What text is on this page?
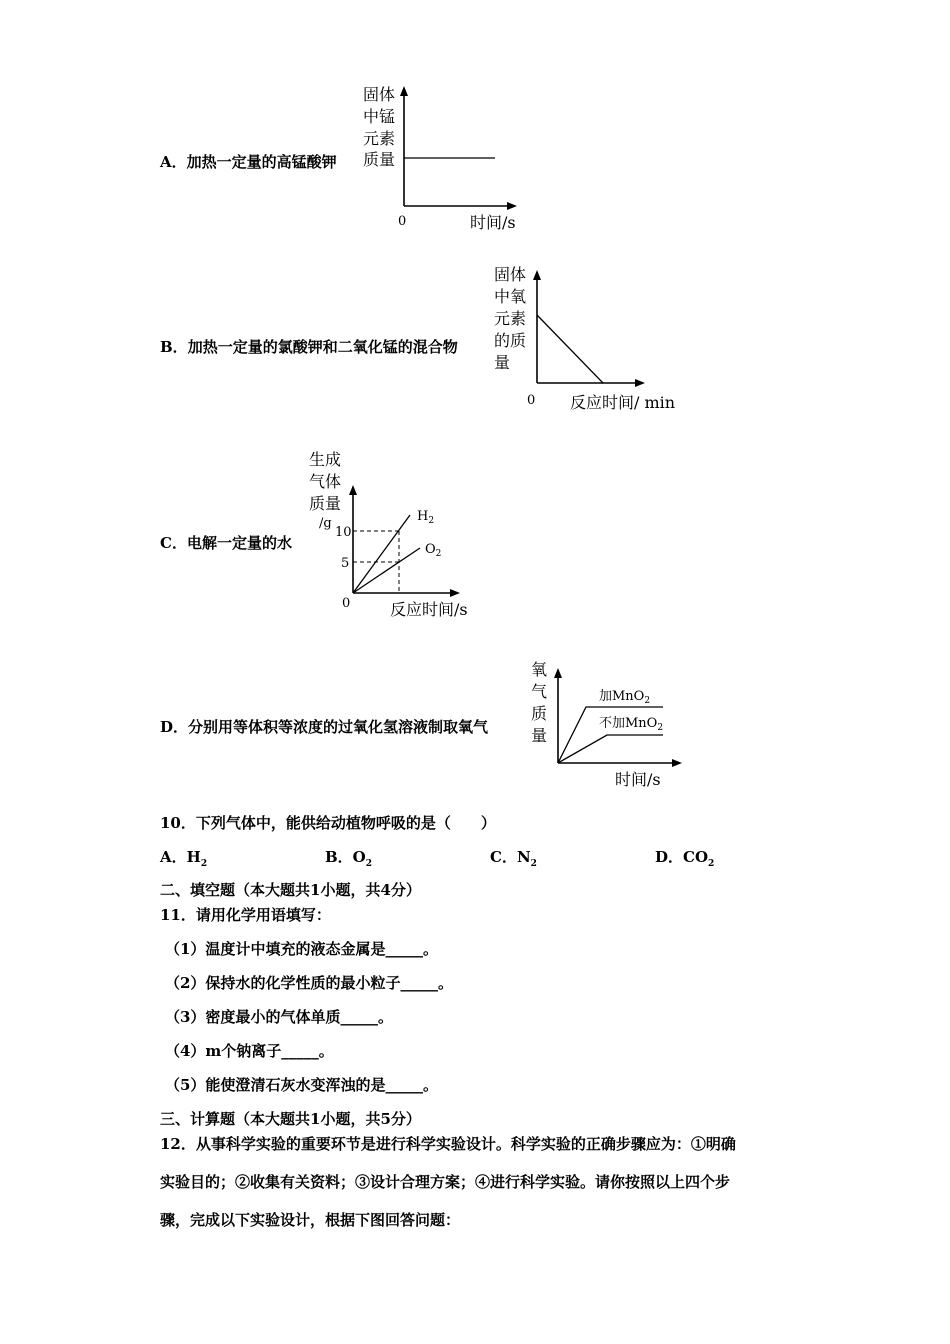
A．加热一定量的高锰酸钾
固体
中锰
元素
质量
0	时间/s
B．加热一定量的氯酸钾和二氧化锰的混合物
固体
中氧
元素
的质
量
0 反应时间/ min
C．电解一定量的水
生成
气体
质量
/g
10
5
0
$H_2$
$O_2$
反应时间/s
D．分别用等体积等浓度的过氧化氢溶液制取氧气
氧
气
质
量
加MnO$_2$
不加MnO$_2$
时间/s
10．下列气体中，能供给动植物呼吸的是（　　）
A．$H_2$	B．$O_2$	C．$N_2$	D．$CO_2$
二、填空题（本大题共1小题，共4分）
11．请用化学用语填写：
（1）温度计中填充的液态金属是_____。
（2）保持水的化学性质的最小粒子_____。
（3）密度最小的气体单质_____。
（4）m个钠离子_____。
（5）能使澄清石灰水变浑浊的是_____。
三、计算题（本大题共1小题，共5分）
12．从事科学实验的重要环节是进行科学实验设计。科学实验的正确步骤应为：①明确
实验目的；②收集有关资料；③设计合理方案；④进行科学实验。请你按照以上四个步
骤，完成以下实验设计，根据下图回答问题：
